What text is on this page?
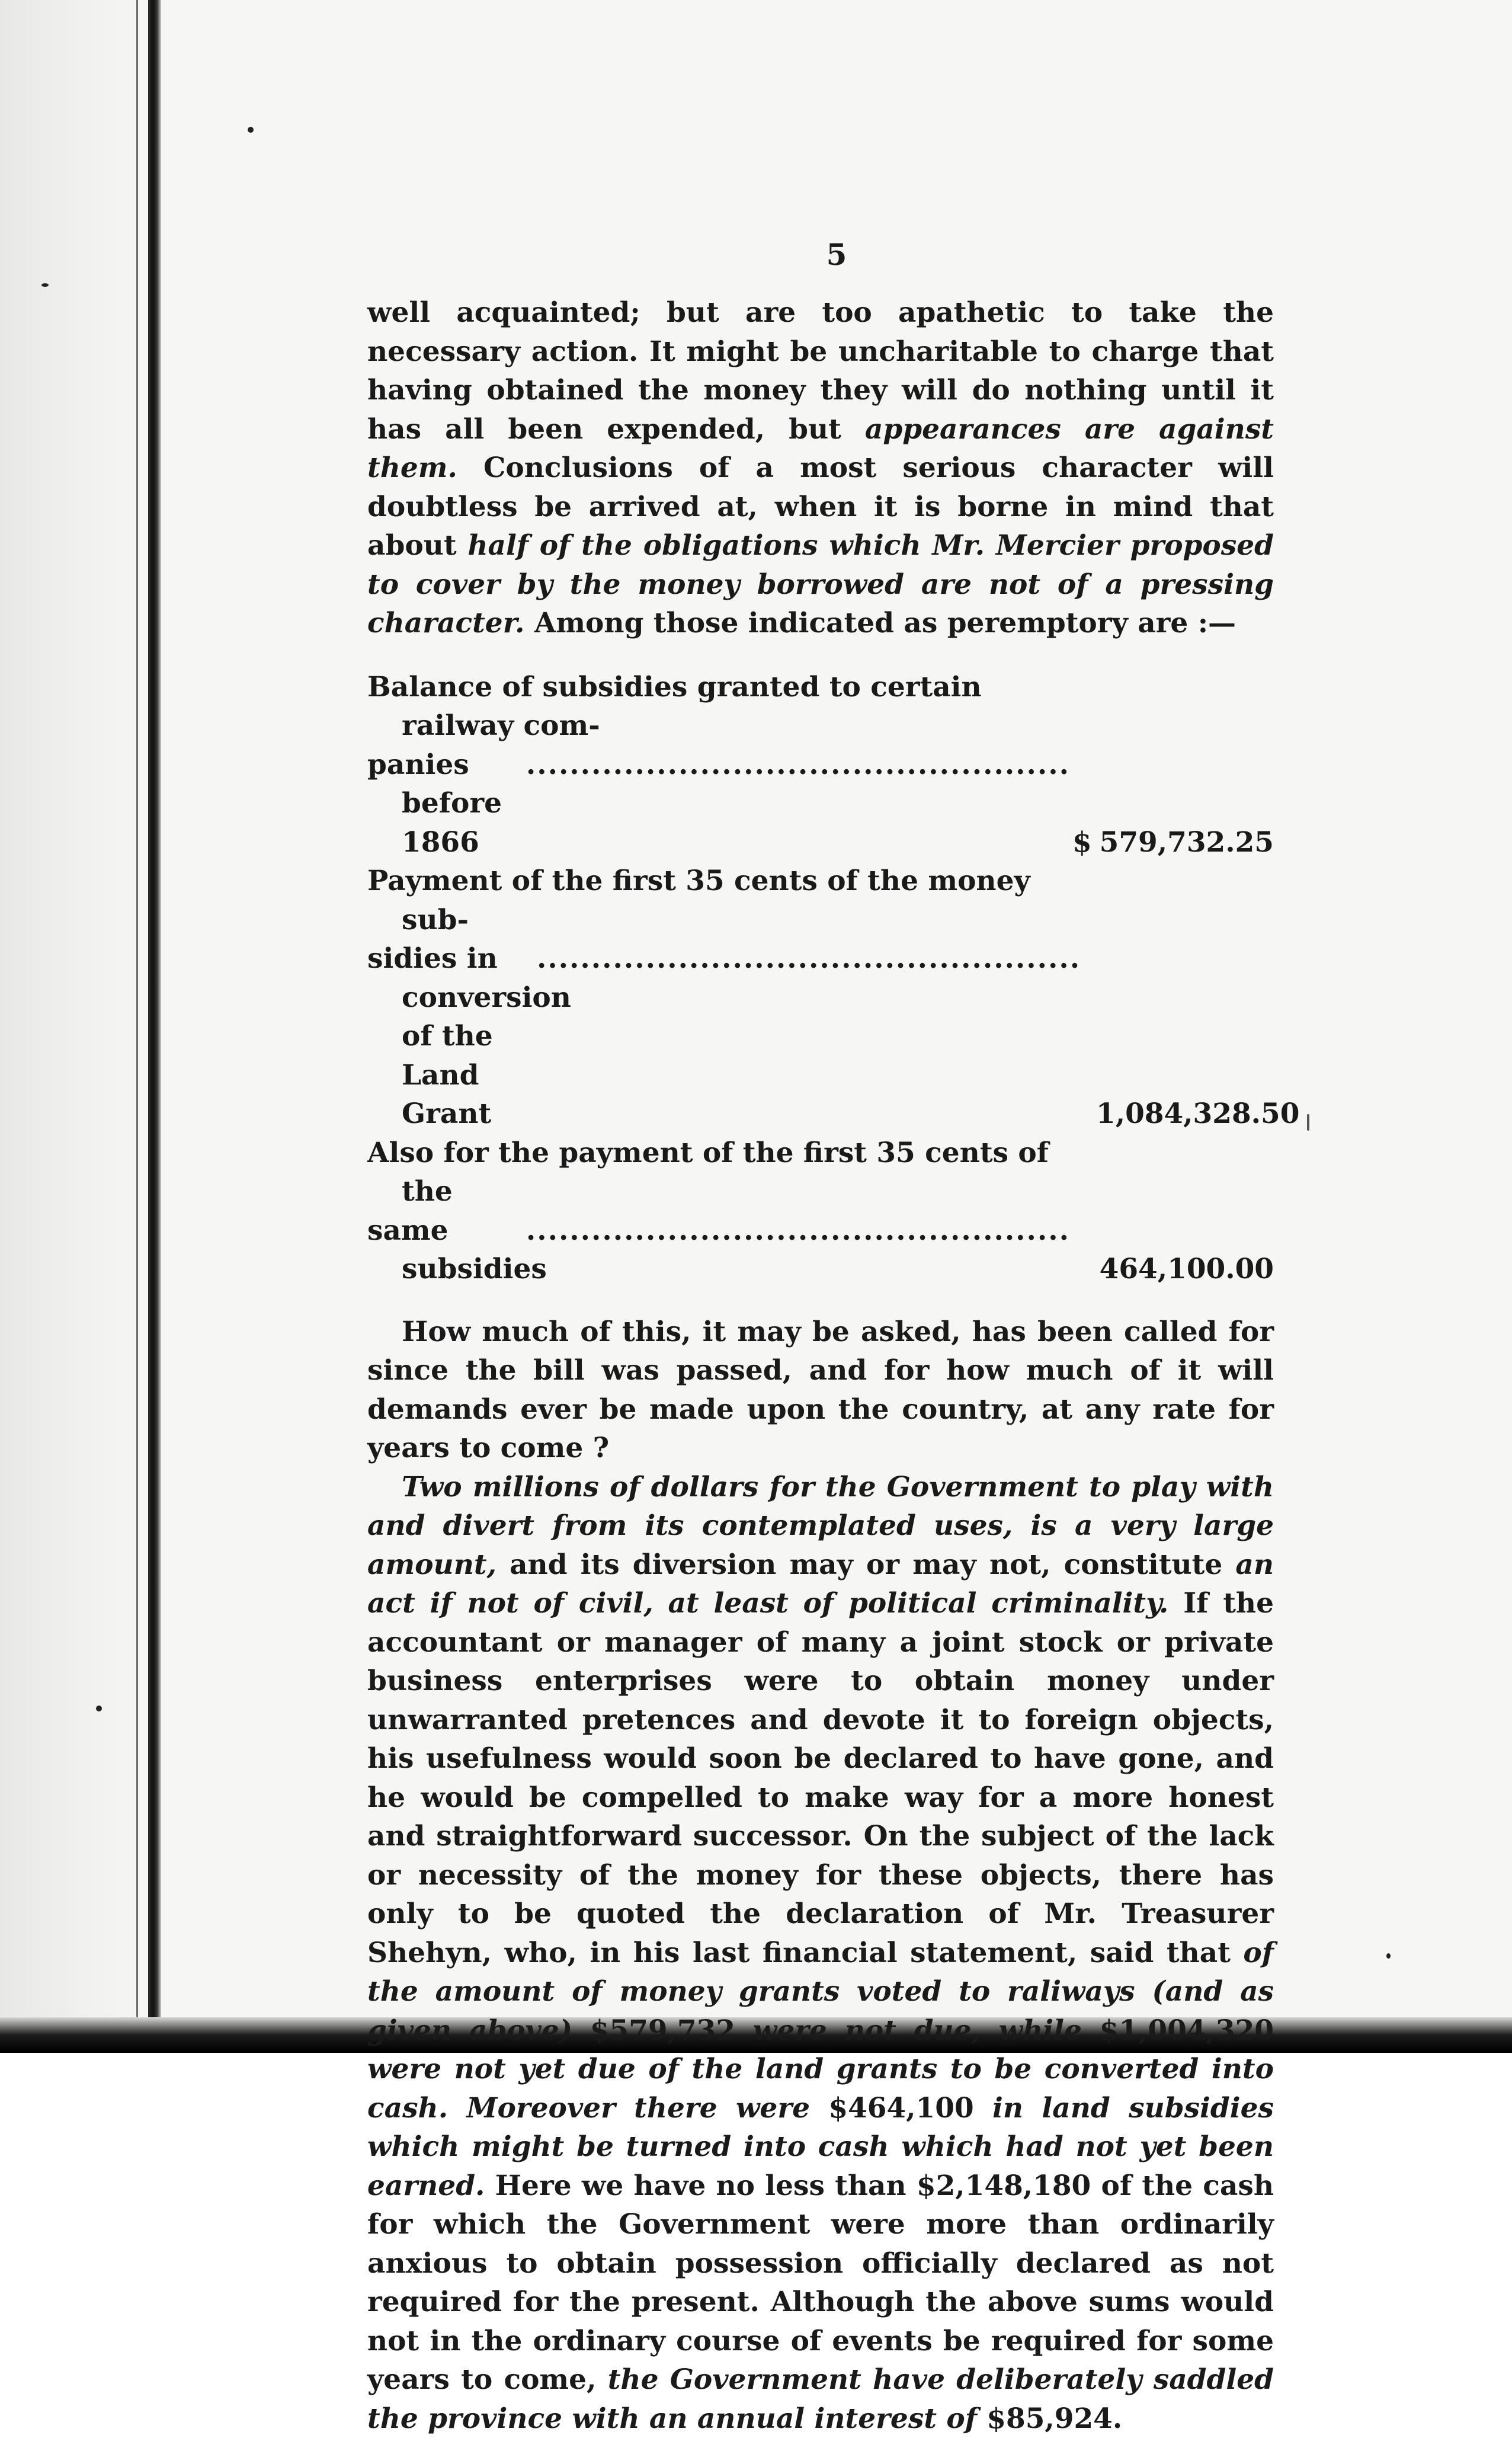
5

well acquainted; but are too apathetic to take the necessary action. It might be uncharitable to charge that having obtained the money they will do nothing until it has all been expended, but appearances are against them. Conclusions of a most serious character will doubtless be arrived at, when it is borne in mind that about half of the obligations which Mr. Mercier proposed to cover by the money borrowed are not of a pressing character. Among those indicated as peremptory are :—

Balance of subsidies granted to certain railway com-
panies before 1866
..................................................
$ 579,732.25
Payment of the first 35 cents of the money sub-
sidies in conversion of the Land Grant
..................................................
1,084,328.50
Also for the payment of the first 35 cents of the
same subsidies
..................................................
464,100.00

How much of this, it may be asked, has been called for since the bill was passed, and for how much of it will demands ever be made upon the country, at any rate for years to come ?

Two millions of dollars for the Government to play with and divert from its contemplated uses, is a very large amount, and its diversion may or may not, constitute an act if not of civil, at least of political criminality. If the accountant or manager of many a joint stock or private business enterprises were to obtain money under unwarranted pretences and devote it to foreign objects, his usefulness would soon be declared to have gone, and he would be compelled to make way for a more honest and straightforward successor. On the subject of the lack or necessity of the money for these objects, there has only to be quoted the declaration of Mr. Treasurer Shehyn, who, in his last financial statement, said that of the amount of money grants voted to raliways (and as given above) $579,732 were not due, while $1,004,320 were not yet due of the land grants to be converted into cash. Moreover there were $464,100 in land subsidies which might be turned into cash which had not yet been earned. Here we have no less than $2,148,180 of the cash for which the Government were more than ordinarily anxious to obtain possession officially declared as not required for the present. Although the above sums would not in the ordinary course of events be required for some years to come, the Government have deliberately saddled the province with an annual interest of $85,924.
